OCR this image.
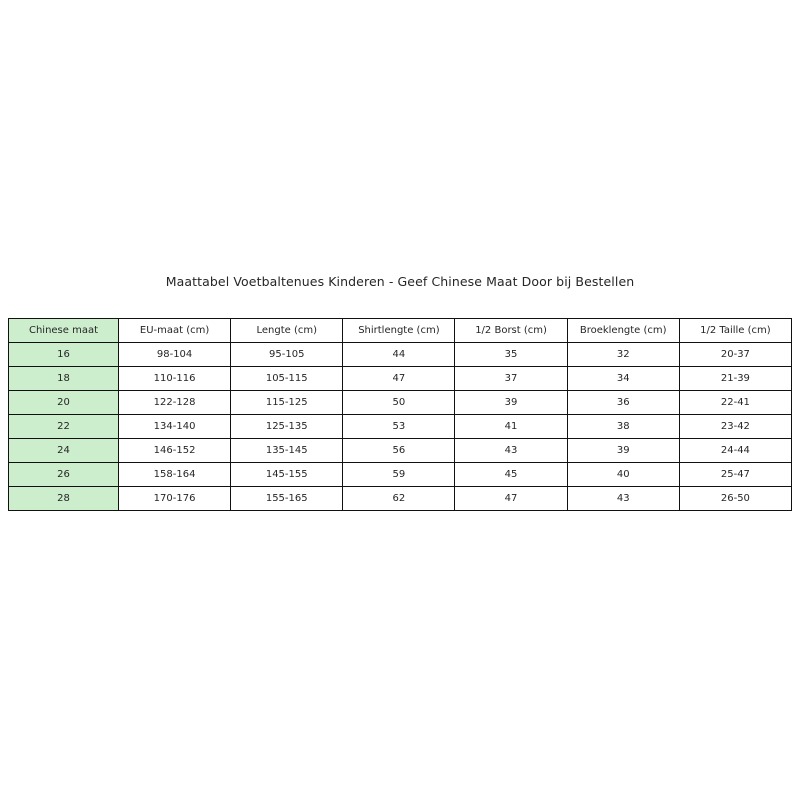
Maattabel Voetbaltenues Kinderen - Geef Chinese Maat Door bij Bestellen
Chinese maat	EU-maat (cm)	Lengte (cm)	Shirtlengte (cm)	1/2 Borst (cm)	Broeklengte (cm)	1/2 Taille (cm)
16	98-104	95-105	44	35	32	20-37
18	110-116	105-115	47	37	34	21-39
20	122-128	115-125	50	39	36	22-41
22	134-140	125-135	53	41	38	23-42
24	146-152	135-145	56	43	39	24-44
26	158-164	145-155	59	45	40	25-47
28	170-176	155-165	62	47	43	26-50
